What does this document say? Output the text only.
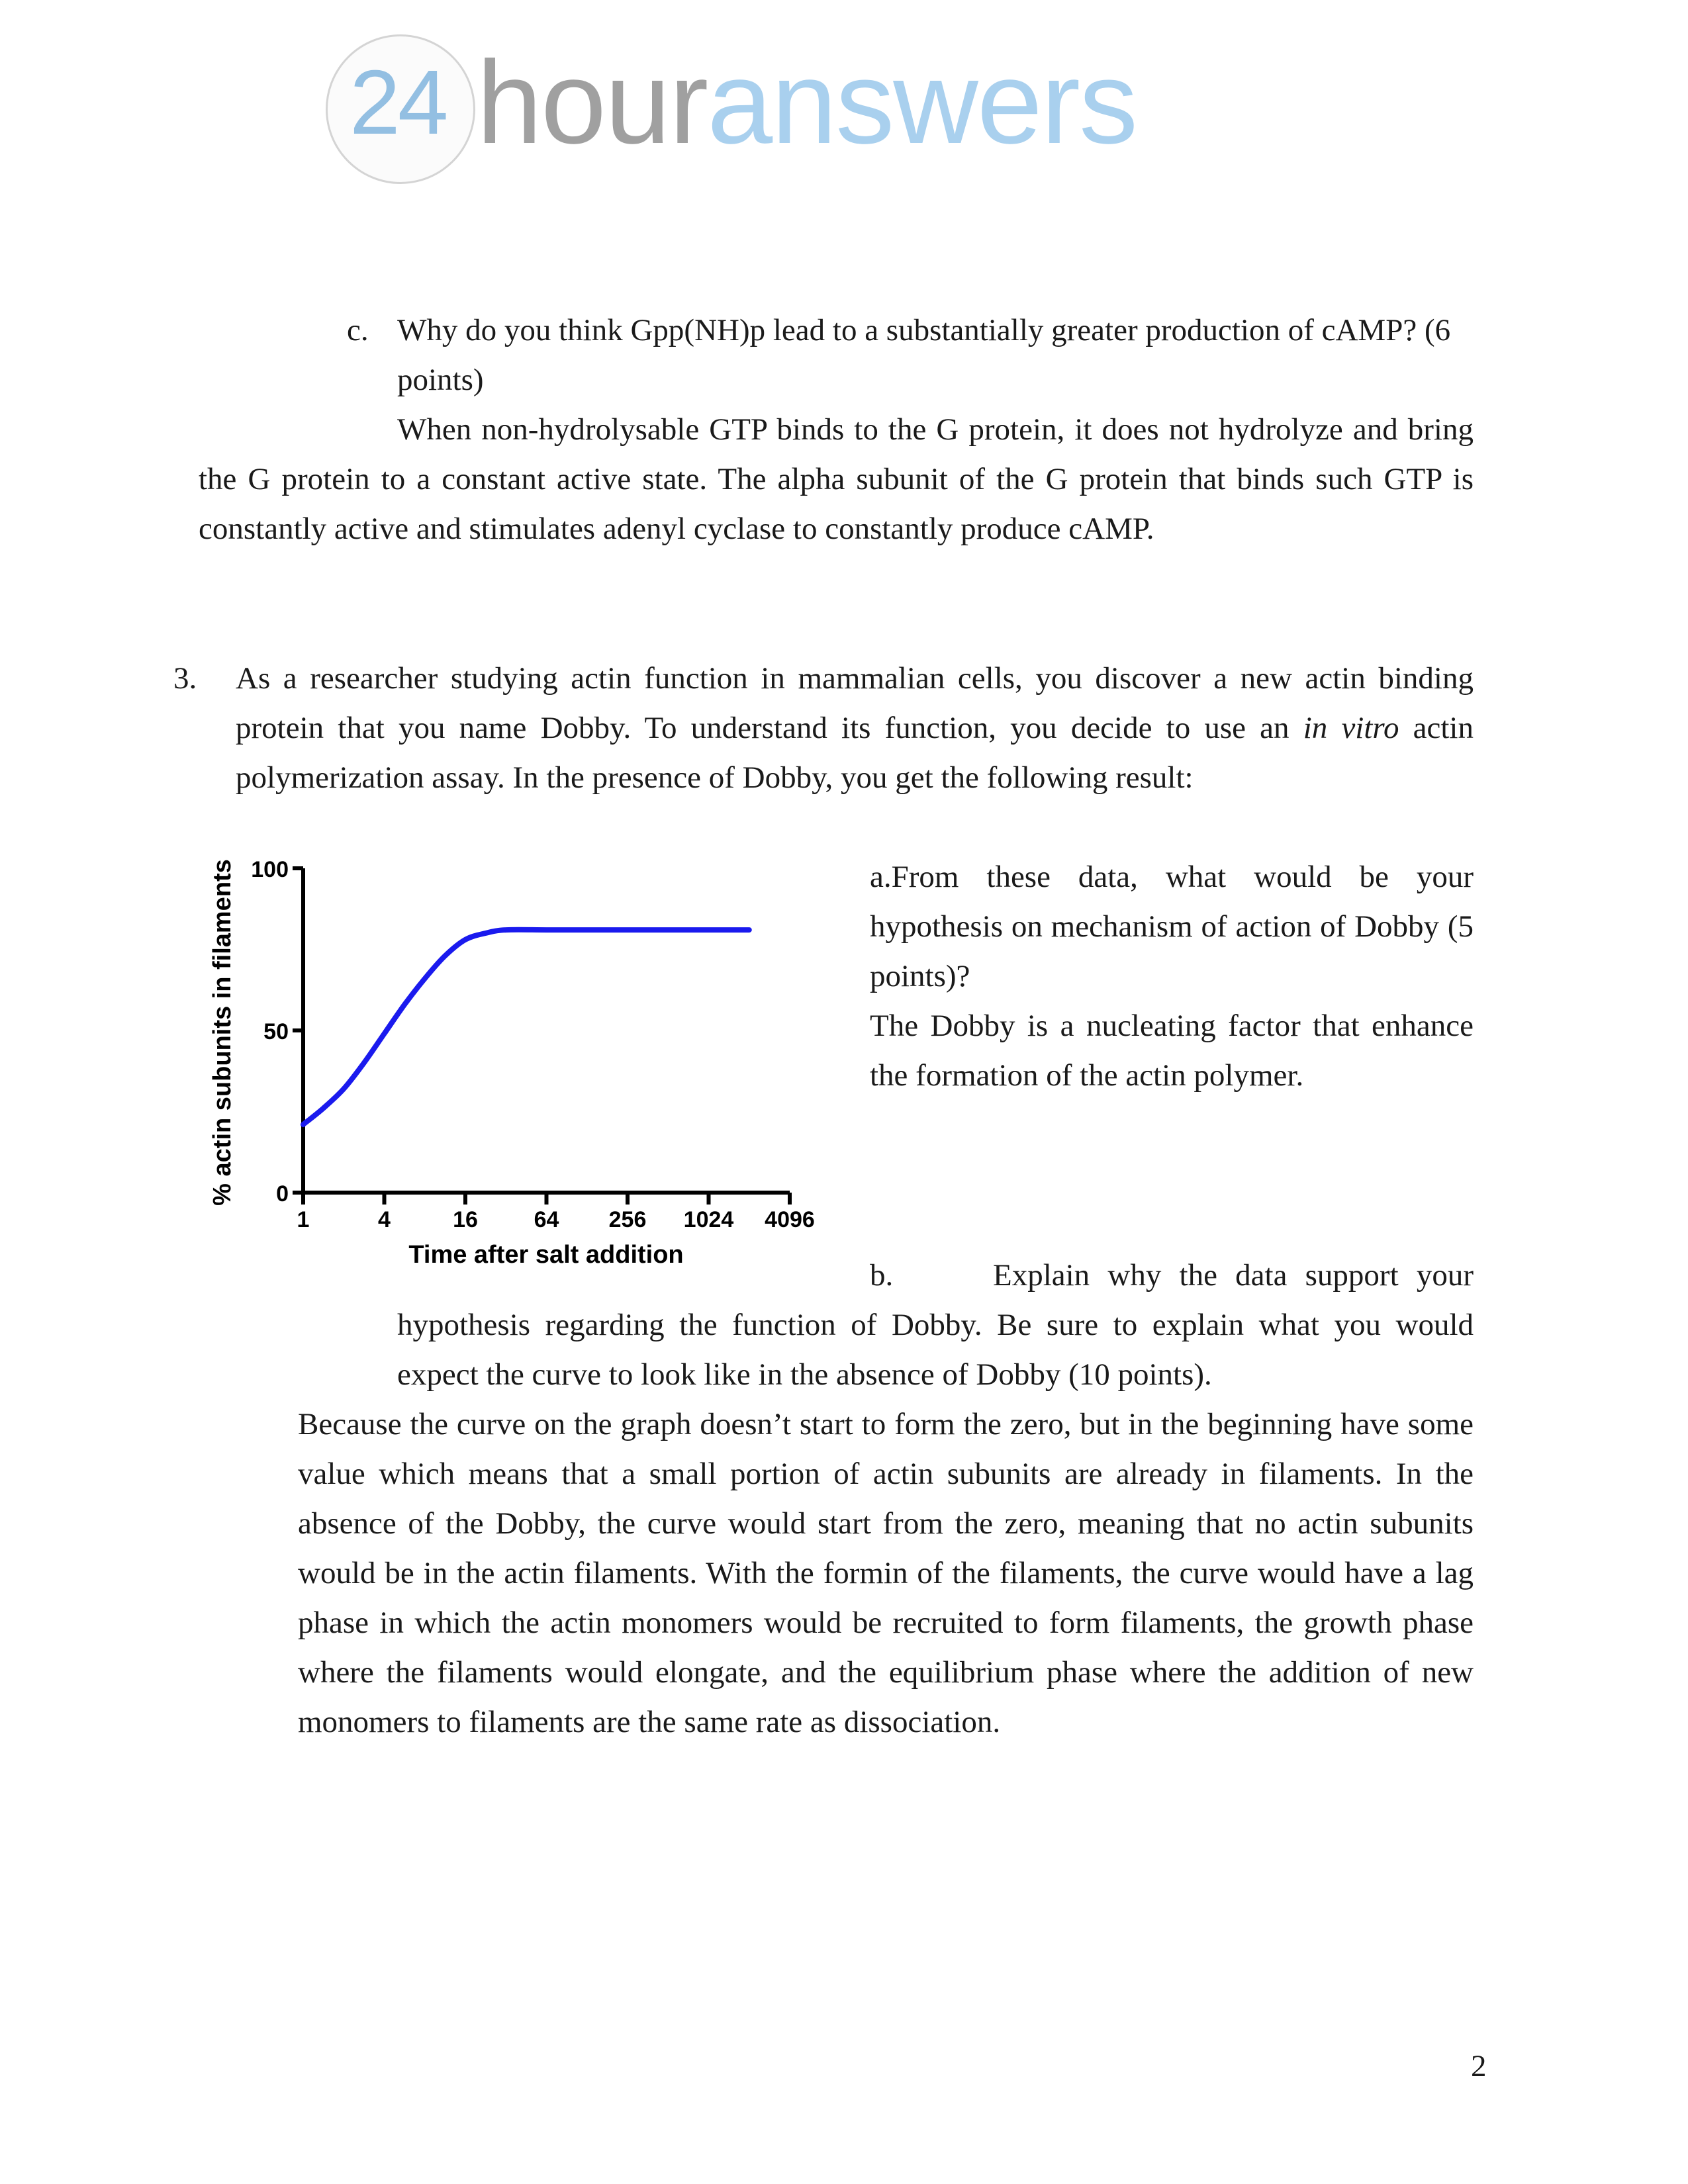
24 houranswers
c. Why do you think Gpp(NH)p lead to a substantially greater production of cAMP? (6
points)
When non-hydrolysable GTP binds to the G protein, it does not hydrolyze and bring the G protein to a constant active state. The alpha subunit of the G protein that binds such GTP is constantly active and stimulates adenyl cyclase to constantly produce cAMP.
3. As a researcher studying actin function in mammalian cells, you discover a new actin binding protein that you name Dobby. To understand its function, you decide to use an in vitro actin polymerization assay. In the presence of Dobby, you get the following result:
0
50
100
1	4	16 64 256 1024 4096
Time after salt addition
% actin subunits in filaments	a.From these data, what would be your hypothesis on mechanism of action of Dobby (5 points)?
The Dobby is a nucleating factor that enhance the formation of the actin polymer.
b.	Explain why the data support your
hypothesis regarding the function of Dobby. Be sure to explain what you would expect the curve to look like in the absence of Dobby (10 points).
Because the curve on the graph doesn’t start to form the zero, but in the beginning have some value which means that a small portion of actin subunits are already in filaments. In the absence of the Dobby, the curve would start from the zero, meaning that no actin subunits would be in the actin filaments. With the formin of the filaments, the curve would have a lag phase in which the actin monomers would be recruited to form filaments, the growth phase where the filaments would elongate, and the equilibrium phase where the addition of new monomers to filaments are the same rate as dissociation.
2
